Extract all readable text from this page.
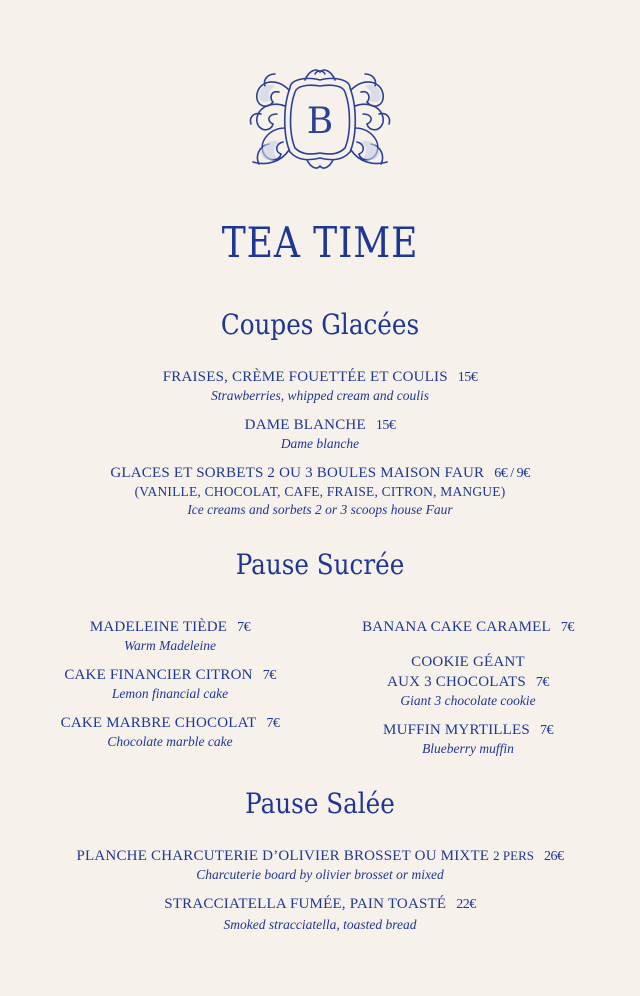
B
TEA TIME
Coupes Glacées
FRAISES, CRÈME FOUETTÉE ET COULIS 15€
Strawberries, whipped cream and coulis
DAME BLANCHE 15€
Dame blanche
GLACES ET SORBETS 2 OU 3 BOULES MAISON FAUR 6€ / 9€
(VANILLE, CHOCOLAT, CAFE, FRAISE, CITRON, MANGUE)
Ice creams and sorbets 2 or 3 scoops house Faur
Pause Sucrée
MADELEINE TIÈDE 7€
Warm Madeleine
CAKE FINANCIER CITRON 7€
Lemon financial cake
CAKE MARBRE CHOCOLAT 7€
Chocolate marble cake
BANANA CAKE CARAMEL 7€
COOKIE GÉANT
AUX 3 CHOCOLATS 7€
Giant 3 chocolate cookie
MUFFIN MYRTILLES 7€
Blueberry muffin
Pause Salée
PLANCHE CHARCUTERIE D’OLIVIER BROSSET OU MIXTE 2 PERS 26€
Charcuterie board by olivier brosset or mixed
STRACCIATELLA FUMÉE, PAIN TOASTÉ 22€
Smoked stracciatella, toasted bread
